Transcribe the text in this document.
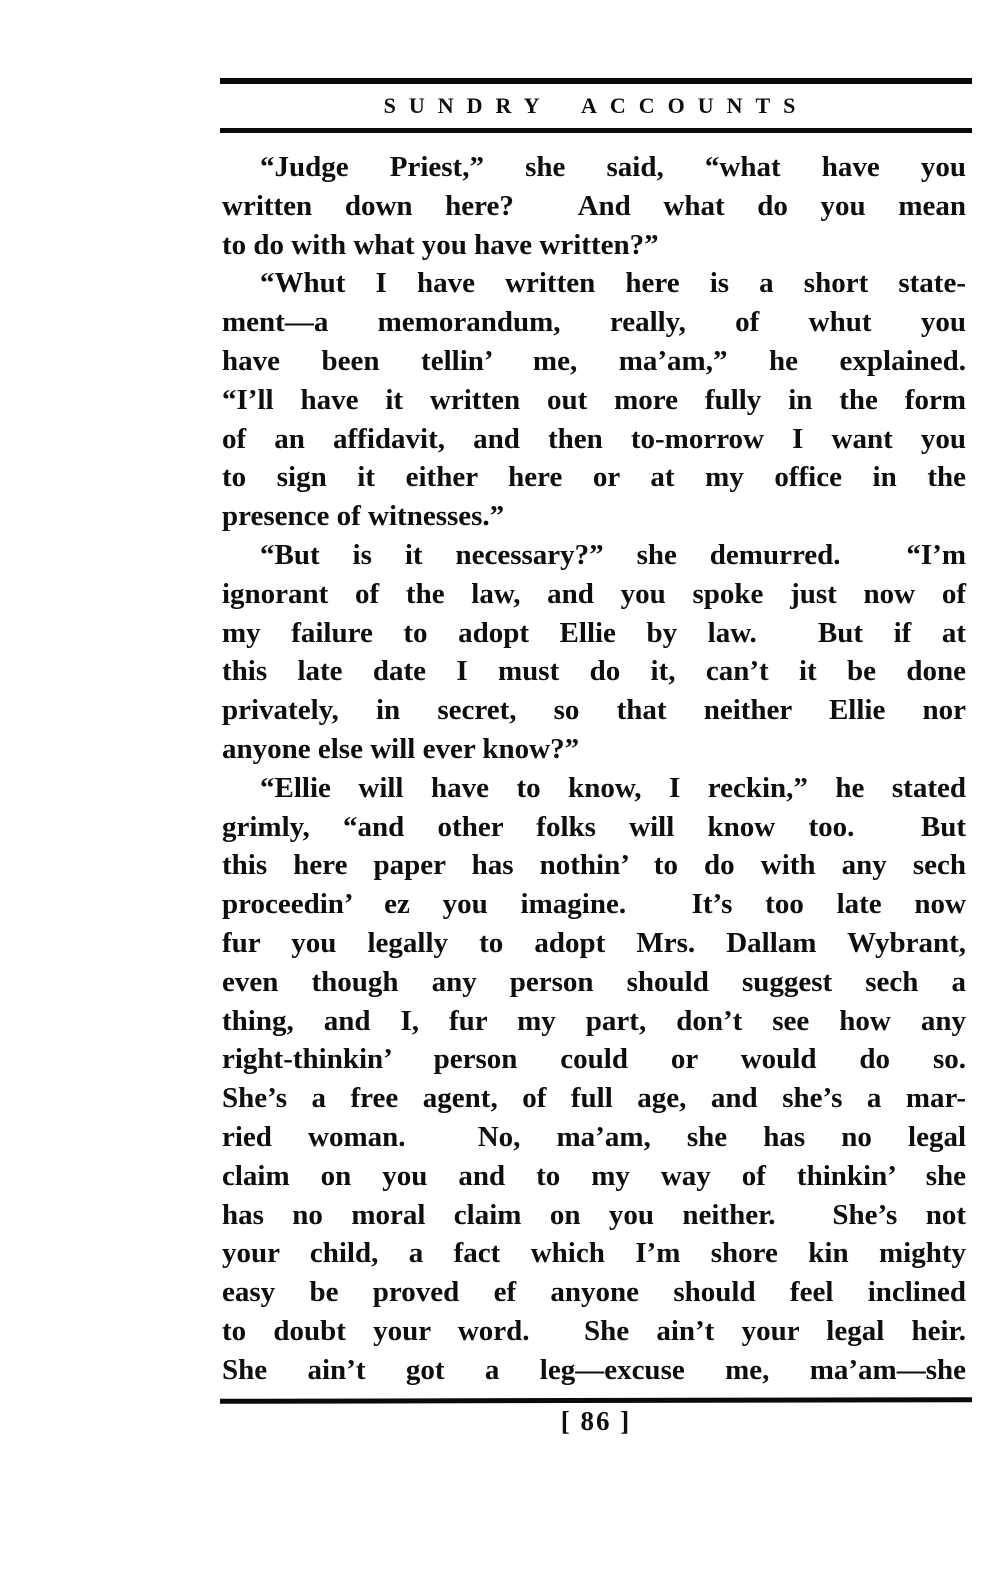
SUNDRY ACCOUNTS
“Judge Priest,” she said, “what have you
written down here?  And what do you mean
to do with what you have written?”
“Whut I have written here is a short state-
ment—a memorandum, really, of whut you
have been tellin’ me, ma’am,” he explained.
“I’ll have it written out more fully in the form
of an affidavit, and then to-morrow I want you
to sign it either here or at my office in the
presence of witnesses.”
“But is it necessary?” she demurred.  “I’m
ignorant of the law, and you spoke just now of
my failure to adopt Ellie by law.  But if at
this late date I must do it, can’t it be done
privately, in secret, so that neither Ellie nor
anyone else will ever know?”
“Ellie will have to know, I reckin,” he stated
grimly, “and other folks will know too.  But
this here paper has nothin’ to do with any sech
proceedin’ ez you imagine.  It’s too late now
fur you legally to adopt Mrs. Dallam Wybrant,
even though any person should suggest sech a
thing, and I, fur my part, don’t see how any
right-thinkin’ person could or would do so.
She’s a free agent, of full age, and she’s a mar-
ried woman.  No, ma’am, she has no legal
claim on you and to my way of thinkin’ she
has no moral claim on you neither.  She’s not
your child, a fact which I’m shore kin mighty
easy be proved ef anyone should feel inclined
to doubt your word.  She ain’t your legal heir.
She ain’t got a leg—excuse me, ma’am—she
[ 86 ]
